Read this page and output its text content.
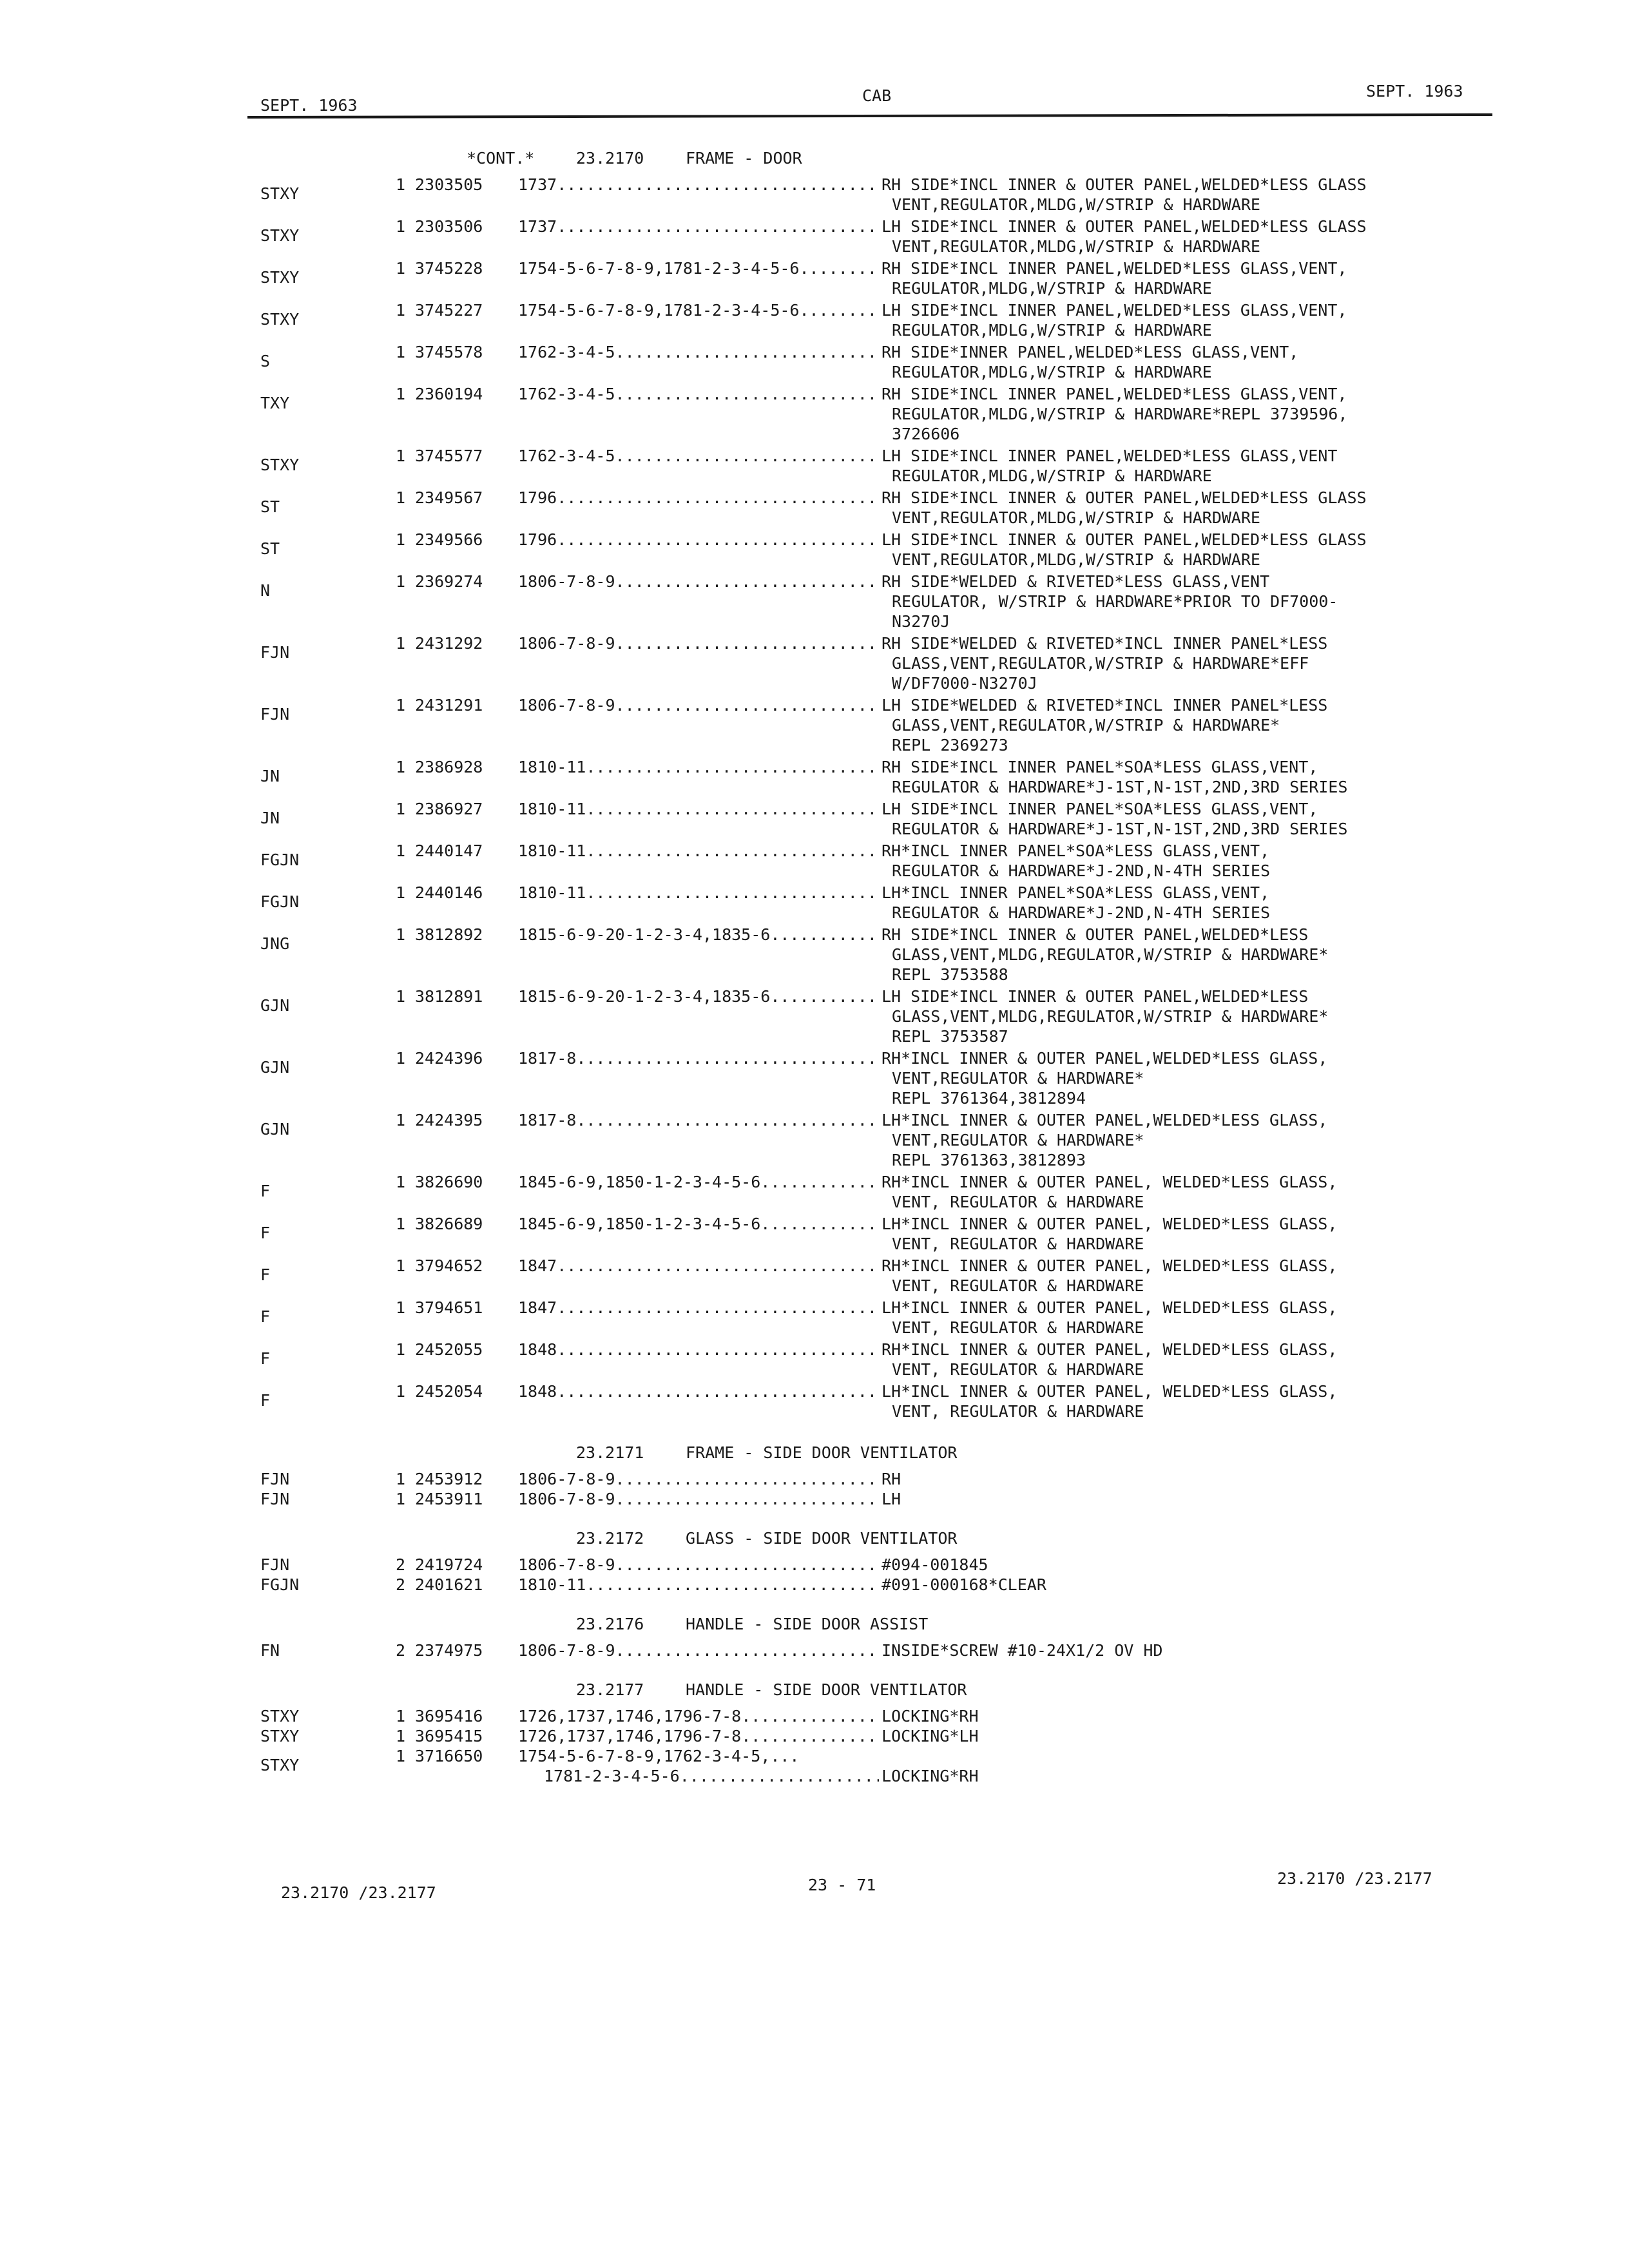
SEPT. 1963
CAB	SEPT. 1963
*CONT.*	23.2170	FRAME - DOOR
STXY	1 2303505 1737 .....	RH SIDE*INCL INNER & OUTER PANEL,WELDED*LESS GLASS
VENT,REGULATOR,MLDG,W/STRIP & HARDWARE
STXY	1 2303506 1737 .....	LH SIDE*INCL INNER & OUTER PANEL,WELDED*LESS GLASS
VENT,REGULATOR,MLDG,W/STRIP & HARDWARE
STXY	1 3745228 1754-5-6-7-8-9,1781-2-3-4-5-6 .....	RH SIDE*INCL INNER PANEL,WELDED*LESS GLASS,VENT,
REGULATOR,MLDG,W/STRIP & HARDWARE
STXY	1 3745227 1754-5-6-7-8-9,1781-2-3-4-5-6 .....	LH SIDE*INCL INNER PANEL,WELDED*LESS GLASS,VENT,
REGULATOR,MDLG,W/STRIP & HARDWARE
S	1 3745578 1762-3-4-5 .....	RH SIDE*INNER PANEL,WELDED*LESS GLASS,VENT,
REGULATOR,MDLG,W/STRIP & HARDWARE
TXY	1 2360194 1762-3-4-5 .....	RH SIDE*INCL INNER PANEL,WELDED*LESS GLASS,VENT,
REGULATOR,MLDG,W/STRIP & HARDWARE*REPL 3739596,
3726606
STXY	1 3745577 1762-3-4-5 .....	LH SIDE*INCL INNER PANEL,WELDED*LESS GLASS,VENT
REGULATOR,MLDG,W/STRIP & HARDWARE
ST	1 2349567 1796 .....	RH SIDE*INCL INNER & OUTER PANEL,WELDED*LESS GLASS
VENT,REGULATOR,MLDG,W/STRIP & HARDWARE
ST	1 2349566 1796 .....	LH SIDE*INCL INNER & OUTER PANEL,WELDED*LESS GLASS
VENT,REGULATOR,MLDG,W/STRIP & HARDWARE
N	1 2369274 1806-7-8-9 .....	RH SIDE*WELDED & RIVETED*LESS GLASS,VENT
REGULATOR, W/STRIP & HARDWARE*PRIOR TO DF7000-
N3270J
FJN	1 2431292 1806-7-8-9 .....	RH SIDE*WELDED & RIVETED*INCL INNER PANEL*LESS
GLASS,VENT,REGULATOR,W/STRIP & HARDWARE*EFF
W/DF7000-N3270J
FJN	1 2431291 1806-7-8-9 .....	LH SIDE*WELDED & RIVETED*INCL INNER PANEL*LESS
GLASS,VENT,REGULATOR,W/STRIP & HARDWARE*
REPL 2369273
JN	1 2386928 1810-11 .....	RH SIDE*INCL INNER PANEL*SOA*LESS GLASS,VENT,
REGULATOR & HARDWARE*J-1ST,N-1ST,2ND,3RD SERIES
JN	1 2386927 1810-11 .....	LH SIDE*INCL INNER PANEL*SOA*LESS GLASS,VENT,
REGULATOR & HARDWARE*J-1ST,N-1ST,2ND,3RD SERIES
FGJN	1 2440147 1810-11 .....	RH*INCL INNER PANEL*SOA*LESS GLASS,VENT,
REGULATOR & HARDWARE*J-2ND,N-4TH SERIES
FGJN	1 2440146 1810-11 .....	LH*INCL INNER PANEL*SOA*LESS GLASS,VENT,
REGULATOR & HARDWARE*J-2ND,N-4TH SERIES
JNG	1 3812892 1815-6-9-20-1-2-3-4,1835-6... .....	RH SIDE*INCL INNER & OUTER PANEL,WELDED*LESS
GLASS,VENT,MLDG,REGULATOR,W/STRIP & HARDWARE*
REPL 3753588
GJN	1 3812891 1815-6-9-20-1-2-3-4,1835-6... .....	LH SIDE*INCL INNER & OUTER PANEL,WELDED*LESS
GLASS,VENT,MLDG,REGULATOR,W/STRIP & HARDWARE*
REPL 3753587
GJN	1 2424396 1817-8 .....	RH*INCL INNER & OUTER PANEL,WELDED*LESS GLASS,
VENT,REGULATOR & HARDWARE*
REPL 3761364,3812894
GJN	1 2424395 1817-8 .....	LH*INCL INNER & OUTER PANEL,WELDED*LESS GLASS,
VENT,REGULATOR & HARDWARE*
REPL 3761363,3812893
F	1 3826690 1845-6-9,1850-1-2-3-4-5-6 .....	RH*INCL INNER & OUTER PANEL, WELDED*LESS GLASS,
VENT, REGULATOR & HARDWARE
F	1 3826689 1845-6-9,1850-1-2-3-4-5-6 .....	LH*INCL INNER & OUTER PANEL, WELDED*LESS GLASS,
VENT, REGULATOR & HARDWARE
F	1 3794652 1847 .....	RH*INCL INNER & OUTER PANEL, WELDED*LESS GLASS,
VENT, REGULATOR & HARDWARE
F	1 3794651 1847 .....	LH*INCL INNER & OUTER PANEL, WELDED*LESS GLASS,
VENT, REGULATOR & HARDWARE
F	1 2452055 1848 .....	RH*INCL INNER & OUTER PANEL, WELDED*LESS GLASS,
VENT, REGULATOR & HARDWARE
F	1 2452054 1848 .....	LH*INCL INNER & OUTER PANEL, WELDED*LESS GLASS,
VENT, REGULATOR & HARDWARE
23.2171	FRAME - SIDE DOOR VENTILATOR
FJN	1 2453912 1806-7-8-9 .....	RH
FJN	1 2453911 1806-7-8-9 .....	LH
23.2172	GLASS - SIDE DOOR VENTILATOR
FJN	2 2419724 1806-7-8-9 .....	#094-001845
FGJN	2 2401621 1810-11 .....	#091-000168*CLEAR
23.2176	HANDLE - SIDE DOOR ASSIST
FN	2 2374975 1806-7-8-9 .....	INSIDE*SCREW #10-24X1/2 OV HD
23.2177	HANDLE - SIDE DOOR VENTILATOR
STXY	1 3695416 1726,1737,1746,1796-7-8 .....	LOCKING*RH
STXY	1 3695415 1726,1737,1746,1796-7-8 .....	LOCKING*LH
STXY	1 3716650 1754-5-6-7-8-9,1762-3-4-5,...
1781-2-3-4-5-6 .....	LOCKING*RH
23.2170 /23.2177	23 - 71	23.2170 /23.2177
